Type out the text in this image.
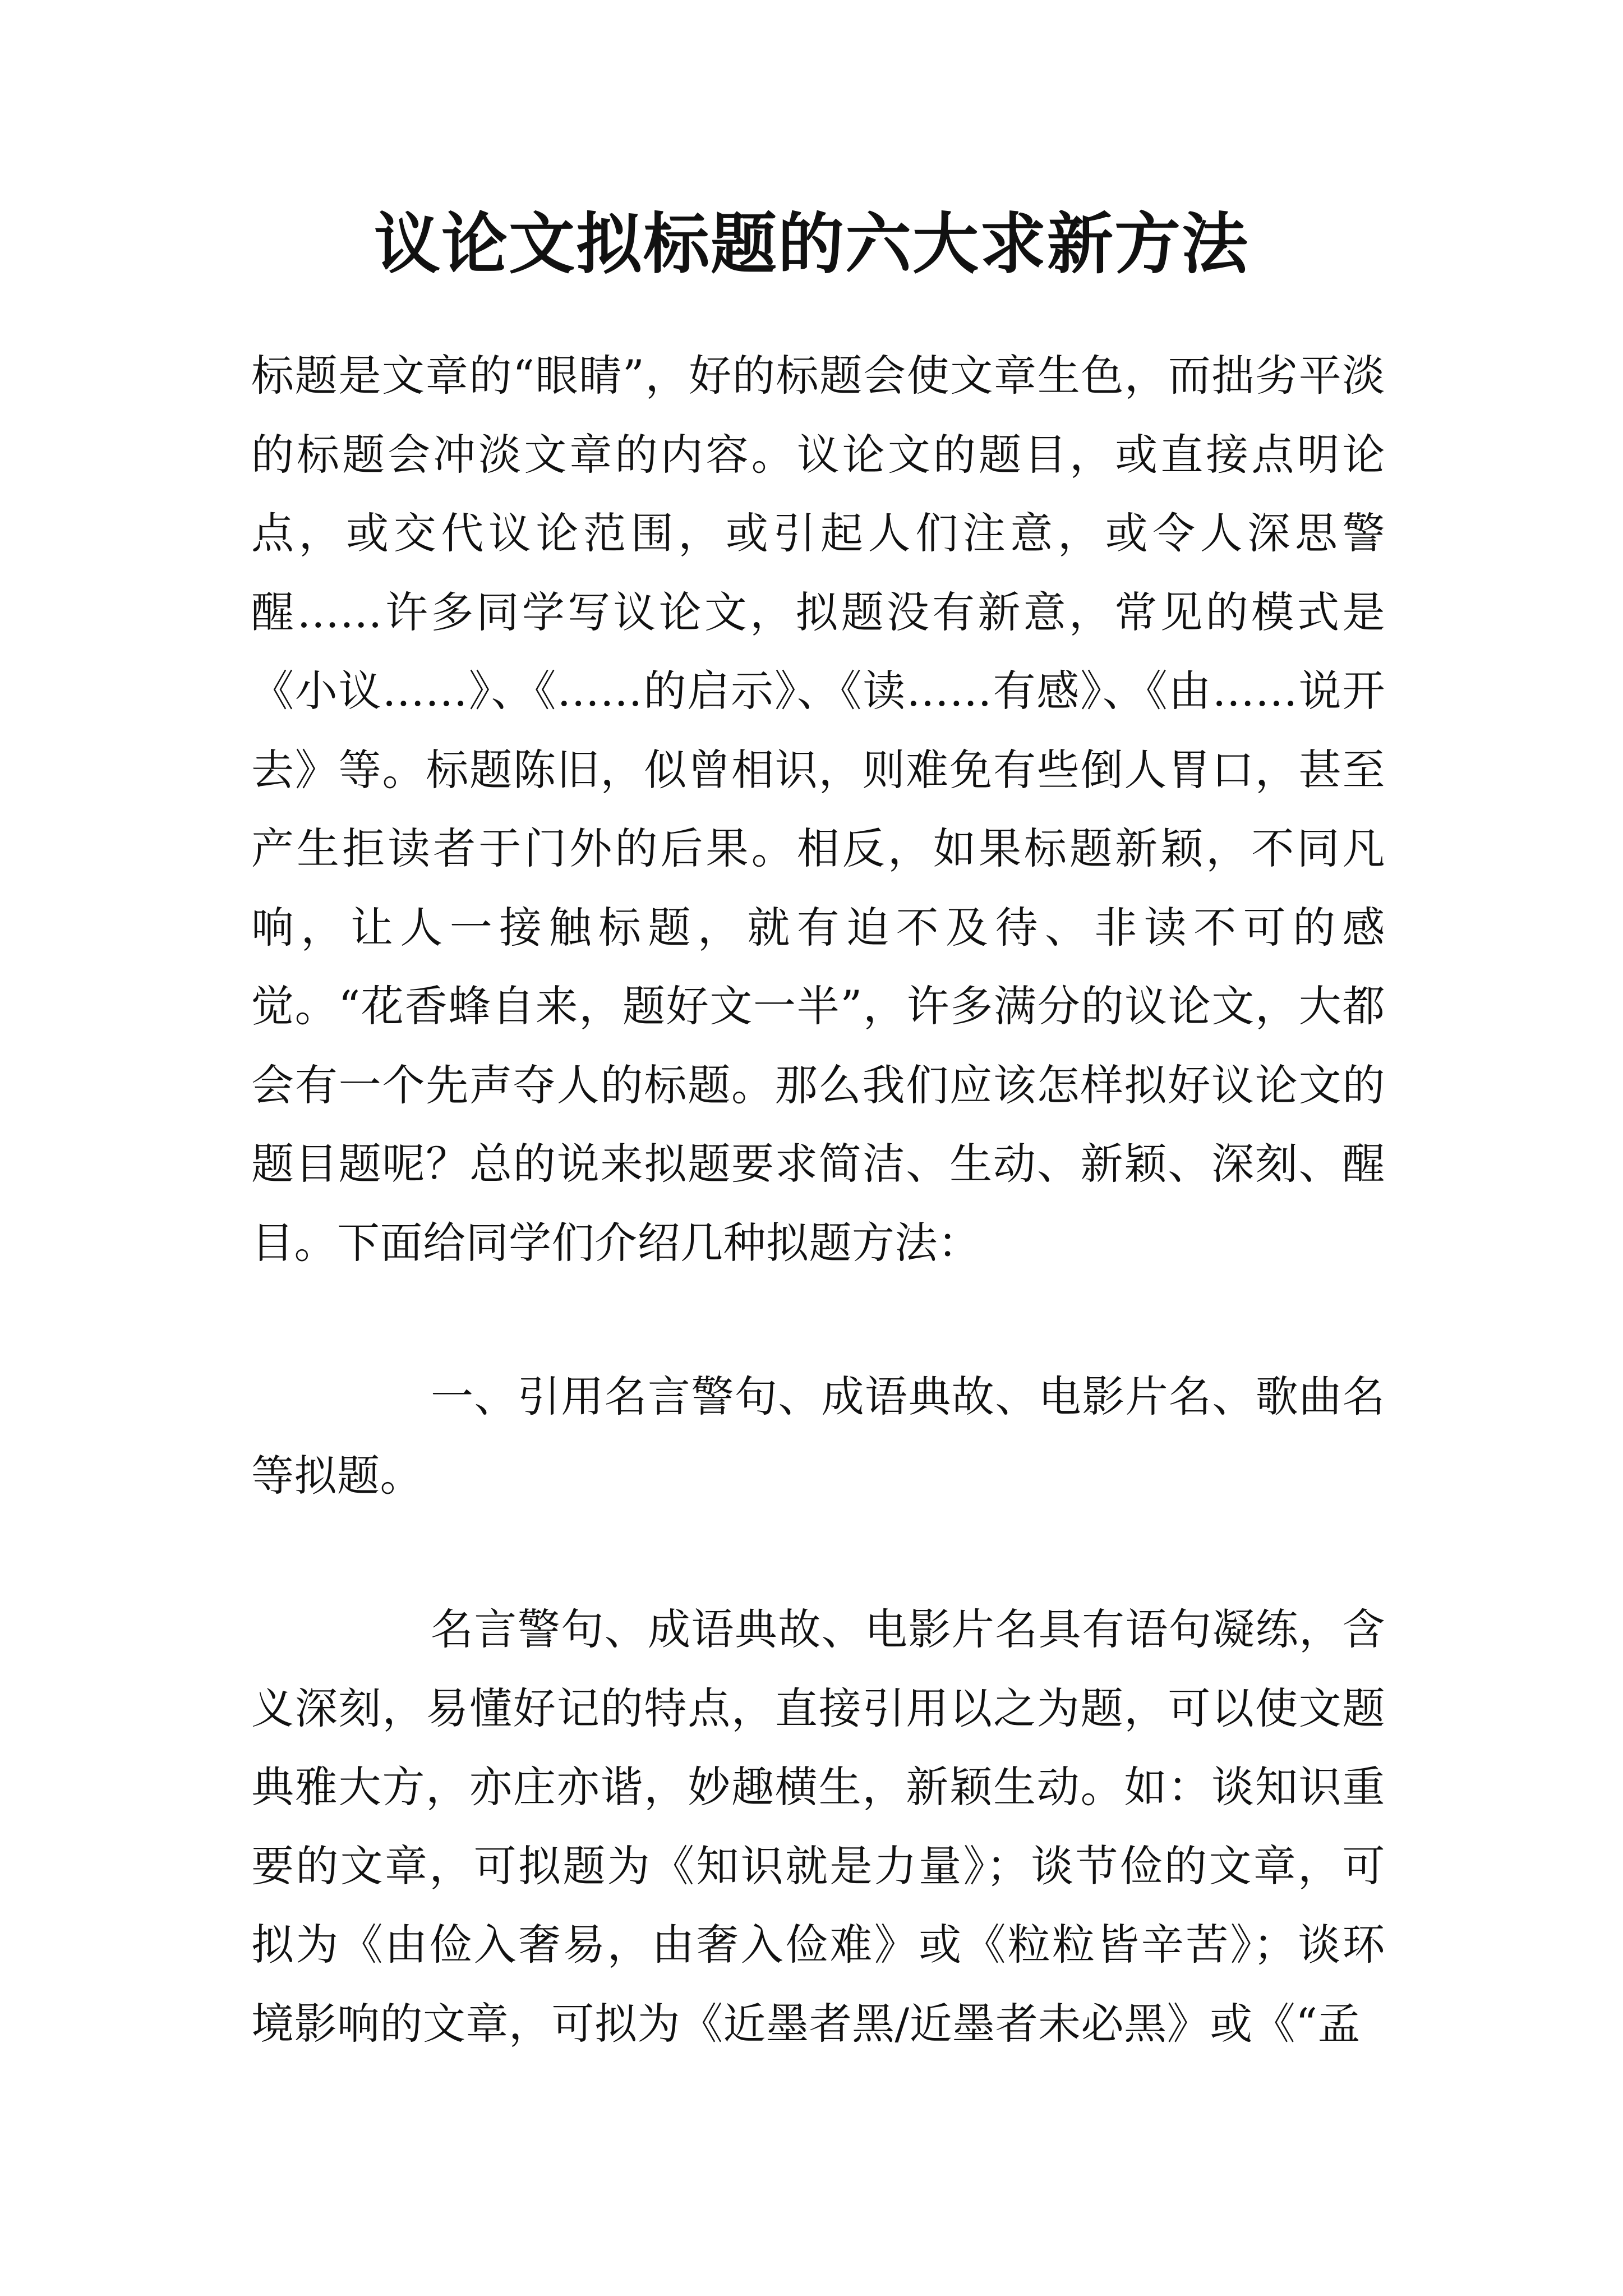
议论文拟标题的六大求新方法

标题是文章的“眼睛”，好的标题会使文章生色，而拙劣平淡的标题会冲淡文章的内容。议论文的题目，或直接点明论点，或交代议论范围，或引起人们注意，或令人深思警醒……许多同学写议论文，拟题没有新意，常见的模式是《小议……》、《……的启示》、《读……有感》、《由……说开去》等。标题陈旧，似曾相识，则难免有些倒人胃口，甚至产生拒读者于门外的后果。相反，如果标题新颖，不同凡响，让人一接触标题，就有迫不及待、非读不可的感觉。“花香蜂自来，题好文一半”，许多满分的议论文，大都会有一个先声夺人的标题。那么我们应该怎样拟好议论文的题目题呢？总的说来拟题要求简洁、生动、新颖、深刻、醒目。下面给同学们介绍几种拟题方法：

一、引用名言警句、成语典故、电影片名、歌曲名等拟题。

名言警句、成语典故、电影片名具有语句凝练，含义深刻，易懂好记的特点，直接引用以之为题，可以使文题典雅大方，亦庄亦谐，妙趣横生，新颖生动。如：谈知识重要的文章，可拟题为《知识就是力量》；谈节俭的文章，可拟为《由俭入奢易，由奢入俭难》或《粒粒皆辛苦》；谈环境影响的文章，可拟为《近墨者黑/近墨者未必黑》或《“孟
